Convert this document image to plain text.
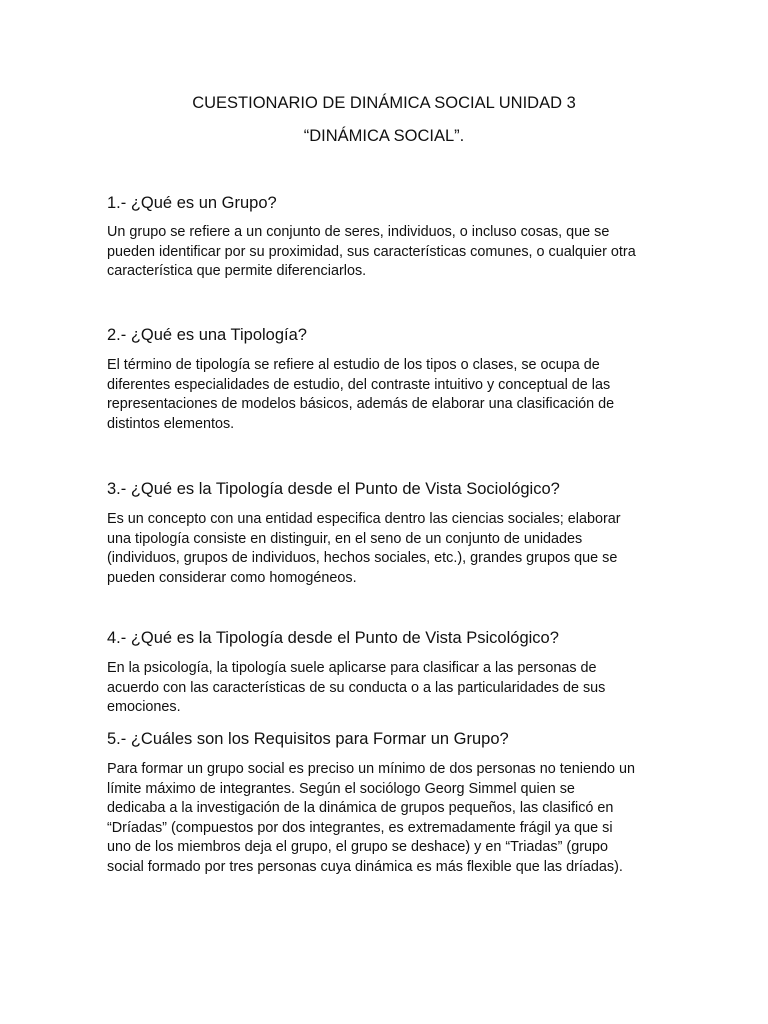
CUESTIONARIO DE DINÁMICA SOCIAL UNIDAD 3
“DINÁMICA SOCIAL”.
1.- ¿Qué es un Grupo?

Un grupo se refiere a un conjunto de seres, individuos, o incluso cosas, que se
pueden identificar por su proximidad, sus características comunes, o cualquier otra
característica que permite diferenciarlos.

2.- ¿Qué es una Tipología?

El término de tipología se refiere al estudio de los tipos o clases, se ocupa de
diferentes especialidades de estudio, del contraste intuitivo y conceptual de las
representaciones de modelos básicos, además de elaborar una clasificación de
distintos elementos.

3.- ¿Qué es la Tipología desde el Punto de Vista Sociológico?

Es un concepto con una entidad especifica dentro las ciencias sociales; elaborar
una tipología consiste en distinguir, en el seno de un conjunto de unidades
(individuos, grupos de individuos, hechos sociales, etc.), grandes grupos que se
pueden considerar como homogéneos.

4.- ¿Qué es la Tipología desde el Punto de Vista Psicológico?

En la psicología, la tipología suele aplicarse para clasificar a las personas de
acuerdo con las características de su conducta o a las particularidades de sus
emociones.

5.- ¿Cuáles son los Requisitos para Formar un Grupo?

Para formar un grupo social es preciso un mínimo de dos personas no teniendo un
límite máximo de integrantes. Según el sociólogo Georg Simmel quien se
dedicaba a la investigación de la dinámica de grupos pequeños, las clasificó en
“Dríadas” (compuestos por dos integrantes, es extremadamente frágil ya que si
uno de los miembros deja el grupo, el grupo se deshace) y en “Triadas” (grupo
social formado por tres personas cuya dinámica es más flexible que las dríadas).
